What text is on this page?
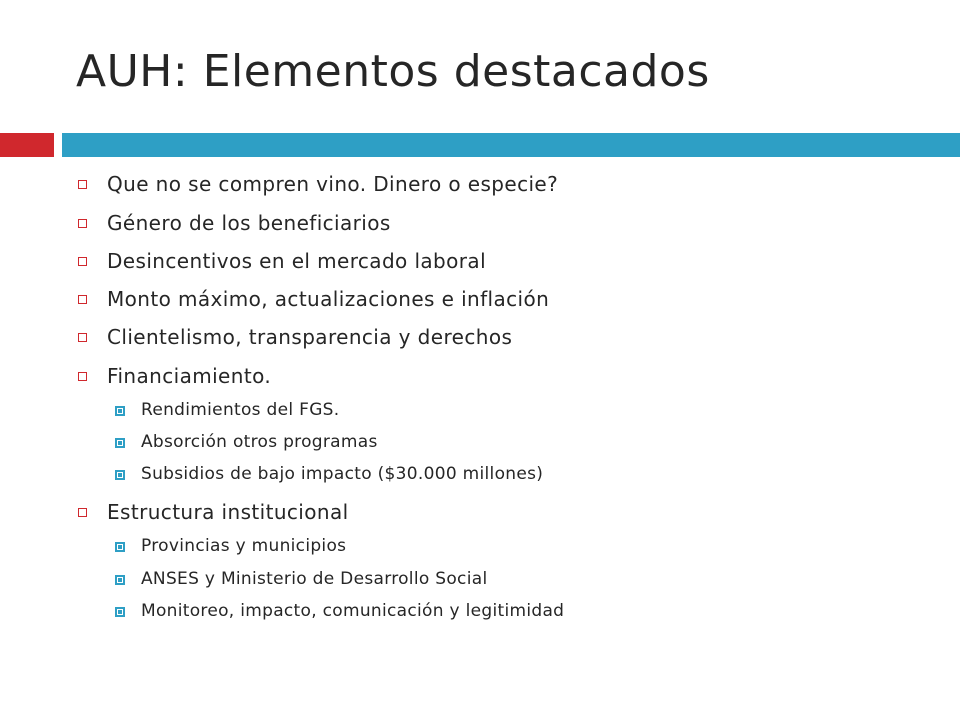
AUH: Elementos destacados
Que no se compren vino. Dinero o especie?
Género de los beneficiarios
Desincentivos en el mercado laboral
Monto máximo, actualizaciones e inflación
Clientelismo, transparencia y derechos
Financiamiento.
Rendimientos del FGS.
Absorción otros programas
Subsidios de bajo impacto ($30.000 millones)
Estructura institucional
Provincias y municipios
ANSES y Ministerio de Desarrollo Social
Monitoreo, impacto, comunicación y legitimidad
